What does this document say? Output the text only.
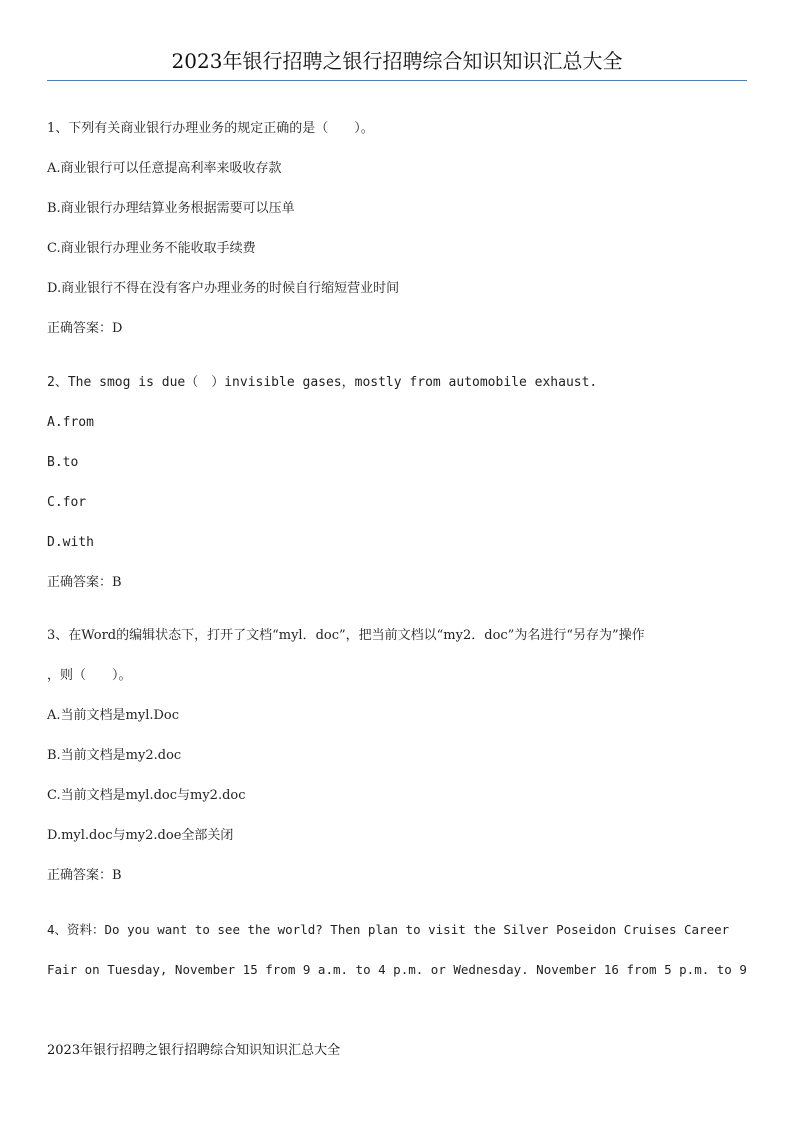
2023年银行招聘之银行招聘综合知识知识汇总大全
1、下列有关商业银行办理业务的规定正确的是（　　）。
A.商业银行可以任意提高利率来吸收存款
B.商业银行办理结算业务根据需要可以压单
C.商业银行办理业务不能收取手续费
D.商业银行不得在没有客户办理业务的时候自行缩短营业时间
正确答案：D
2、The smog is due（　）invisible gases，mostly from automobile exhaust.
A.from
B.to
C.for
D.with
正确答案：B
3、在Word的编辑状态下，打开了文档“myl．doc”，把当前文档以“my2．doc”为名进行“另存为”操作
，则（　　）。
A.当前文档是myl.Doc
B.当前文档是my2.doc
C.当前文档是myl.doc与my2.doc
D.myl.doc与my2.doe全部关闭
正确答案：B
4、资料：Do you want to see the world? Then plan to visit the Silver Poseidon Cruises Career
Fair on Tuesday, November 15 from 9 a.m. to 4 p.m. or Wednesday. November 16 from 5 p.m. to 9
2023年银行招聘之银行招聘综合知识知识汇总大全
